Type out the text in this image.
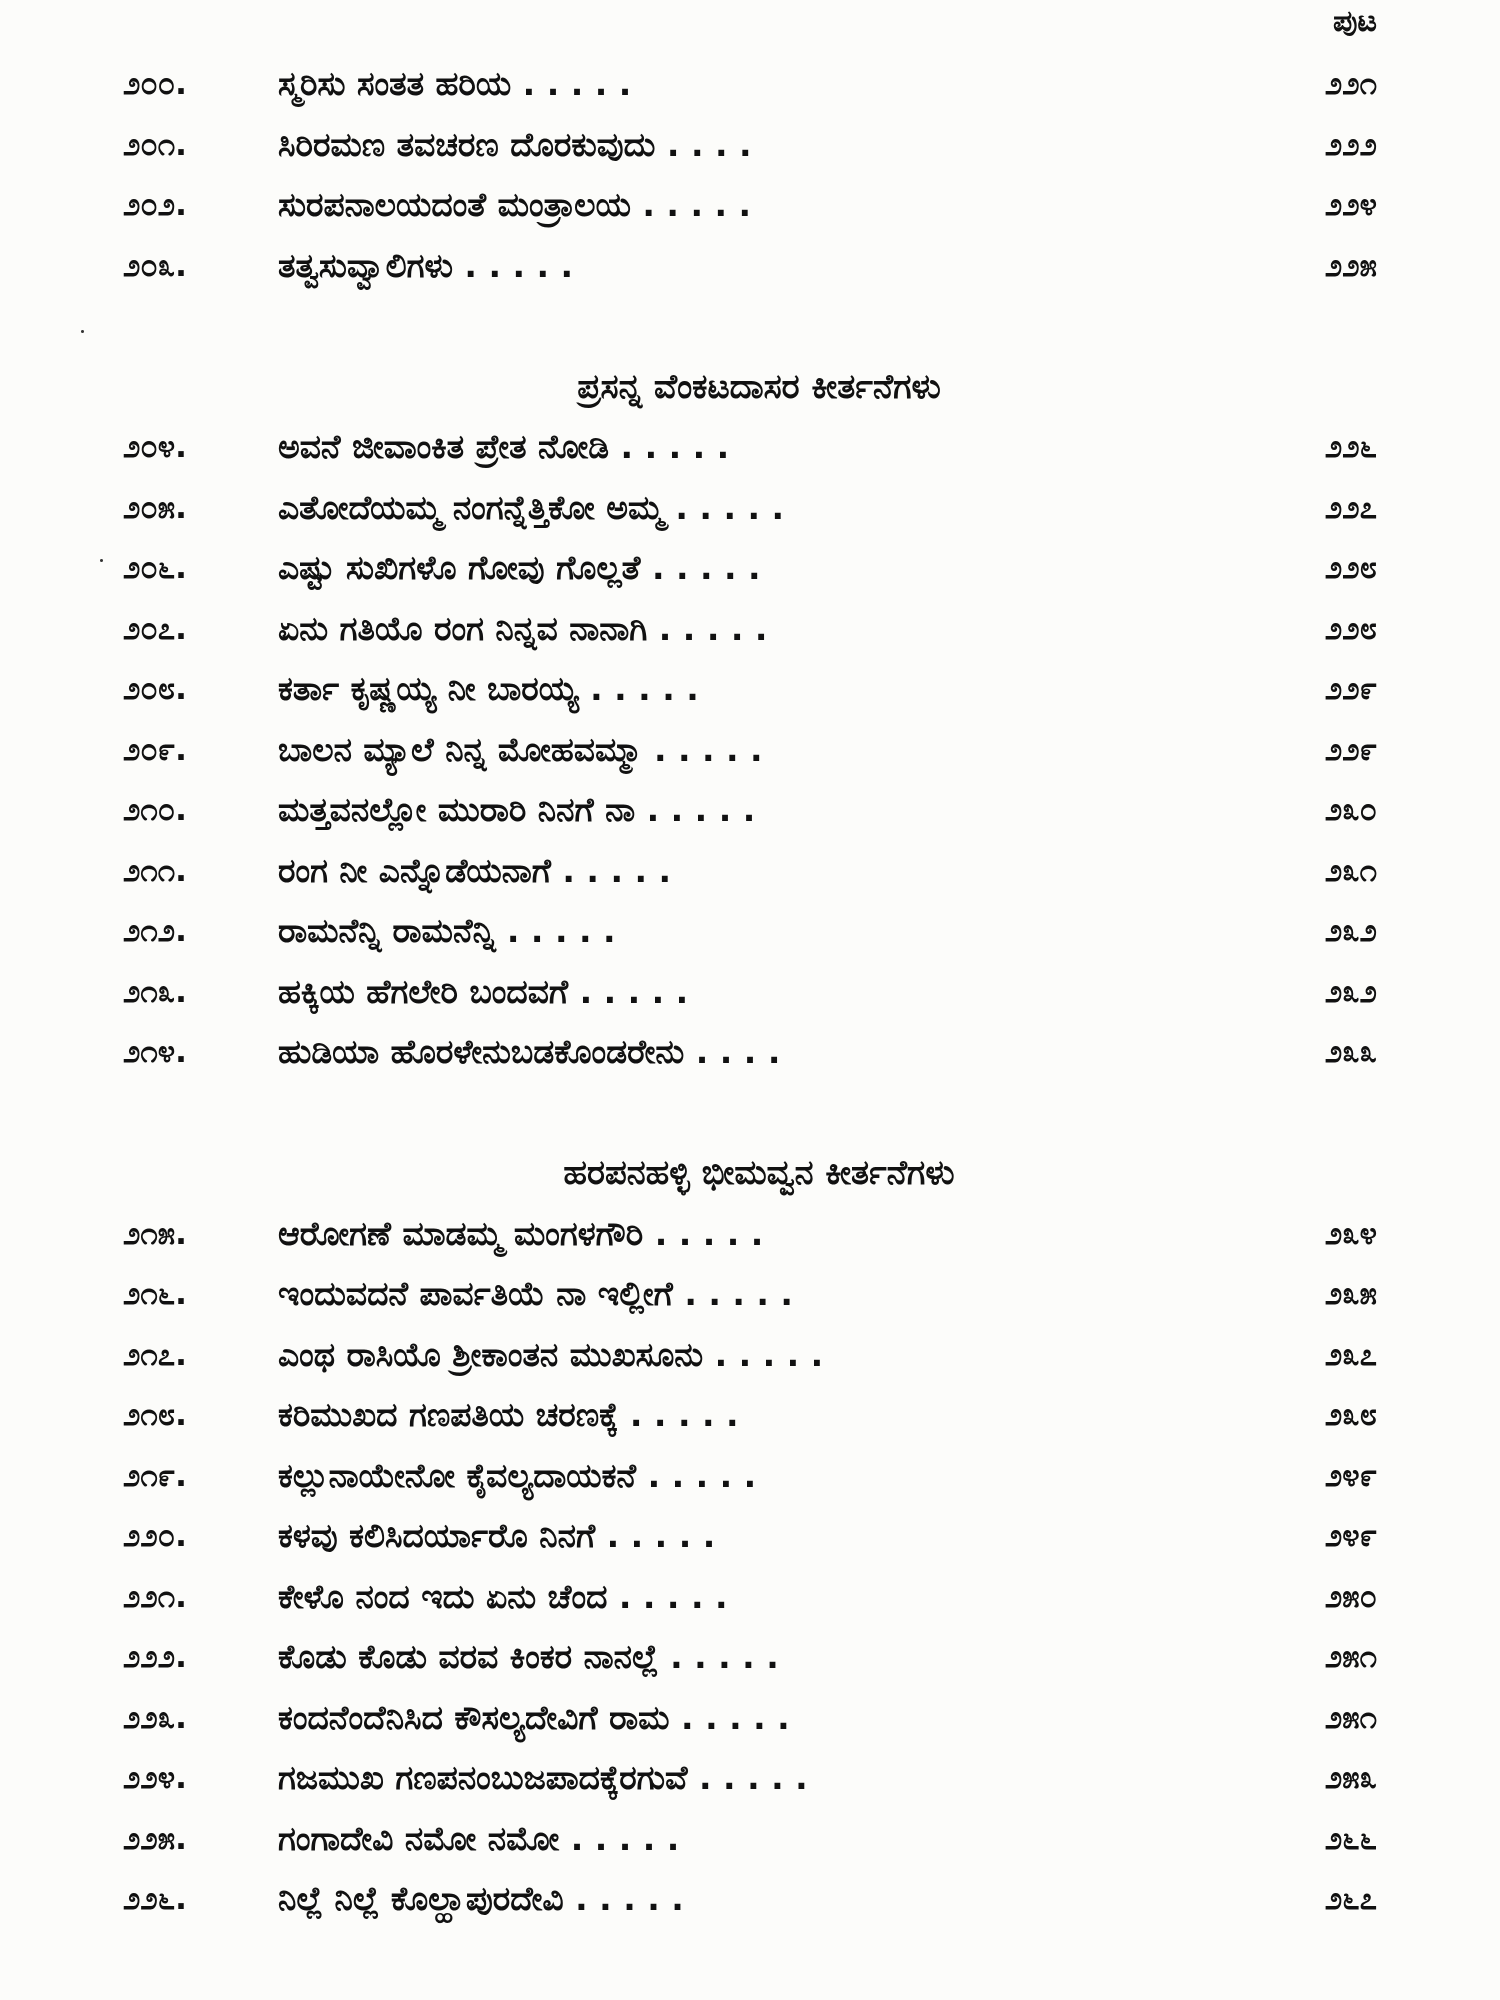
ಪುಟ
೨೦೦.	ಸ್ಮರಿಸು ಸಂತತ ಹರಿಯ . . . . .	೨೨೧
೨೦೧.	ಸಿರಿರಮಣ ತವಚರಣ ದೊರಕುವುದು . . . .	೨೨೨
೨೦೨.	ಸುರಪನಾಲಯದಂತೆ ಮಂತ್ರಾಲಯ . . . . .	೨೨೪
೨೦೩.	ತತ್ವಸುವ್ವಾಲಿಗಳು . . . . .	೨೨೫
ಪ್ರಸನ್ನ ವೆಂಕಟದಾಸರ ಕೀರ್ತನೆಗಳು
೨೦೪.	ಅವನೆ ಜೀವಾಂಕಿತ ಪ್ರೇತ ನೋಡಿ . . . . .	೨೨೬
೨೦೫.	ಎತೋದೆಯಮ್ಮ ನಂಗನ್ನೆತ್ತಿಕೋ ಅಮ್ಮ . . . . .	೨೨೭
೨೦೬.	ಎಷ್ಟು ಸುಖಿಗಳೊ ಗೋವು ಗೊಲ್ಲತೆ . . . . .	೨೨೮
೨೦೭.	ಏನು ಗತಿಯೊ ರಂಗ ನಿನ್ನವ ನಾನಾಗಿ . . . . .	೨೨೮
೨೦೮.	ಕರ್ತಾ ಕೃಷ್ಣಯ್ಯ ನೀ ಬಾರಯ್ಯ . . . . .	೨೨೯
೨೦೯.	ಬಾಲನ ಮ್ಯಾಲೆ ನಿನ್ನ ಮೋಹವಮ್ಮಾ . . . . .	೨೨೯
೨೧೦.	ಮತ್ತವನಲ್ಲೋ ಮುರಾರಿ ನಿನಗೆ ನಾ . . . . .	೨೩೦
೨೧೧.	ರಂಗ ನೀ ಎನ್ನೊಡೆಯನಾಗೆ . . . . .	೨೩೧
೨೧೨.	ರಾಮನೆನ್ನಿ ರಾಮನೆನ್ನಿ . . . . .	೨೩೨
೨೧೩.	ಹಕ್ಕಿಯ ಹೆಗಲೇರಿ ಬಂದವಗೆ . . . . .	೨೩೨
೨೧೪.	ಹುಡಿಯಾ ಹೊರಳೇನುಬಡಕೊಂಡರೇನು . . . .	೨೩೩
ಹರಪನಹಳ್ಳಿ ಭೀಮವ್ವನ ಕೀರ್ತನೆಗಳು
೨೧೫.	ಆರೋಗಣೆ ಮಾಡಮ್ಮ ಮಂಗಳಗೌರಿ . . . . .	೨೩೪
೨೧೬.	ಇಂದುವದನೆ ಪಾರ್ವತಿಯೆ ನಾ ಇಲ್ಲೀಗೆ . . . . .	೨೩೫
೨೧೭.	ಎಂಥ ರಾಸಿಯೊ ಶ್ರೀಕಾಂತನ ಮುಖಸೂನು . . . . .	೨೩೭
೨೧೮.	ಕರಿಮುಖದ ಗಣಪತಿಯ ಚರಣಕ್ಕೆ . . . . .	೨೩೮
೨೧೯.	ಕಲ್ಲುನಾಯೇನೋ ಕೈವಲ್ಯದಾಯಕನೆ . . . . .	೨೪೯
೨೨೦.	ಕಳವು ಕಲಿಸಿದರ್ಯಾರೊ ನಿನಗೆ . . . . .	೨೪೯
೨೨೧.	ಕೇಳೊ ನಂದ ಇದು ಏನು ಚೆಂದ . . . . .	೨೫೦
೨೨೨.	ಕೊಡು ಕೊಡು ವರವ ಕಿಂಕರ ನಾನಲ್ಲೆ . . . . .	೨೫೧
೨೨೩.	ಕಂದನೆಂದೆನಿಸಿದ ಕೌಸಲ್ಯದೇವಿಗೆ ರಾಮ . . . . .	೨೫೧
೨೨೪.	ಗಜಮುಖ ಗಣಪನಂಬುಜಪಾದಕ್ಕೆರಗುವೆ . . . . .	೨೫೩
೨೨೫.	ಗಂಗಾದೇವಿ ನಮೋ ನಮೋ . . . . .	೨೬೬
೨೨೬.	ನಿಲ್ಲೆ ನಿಲ್ಲೆ ಕೊಲ್ಹಾಪುರದೇವಿ . . . . .	೨೬೭
